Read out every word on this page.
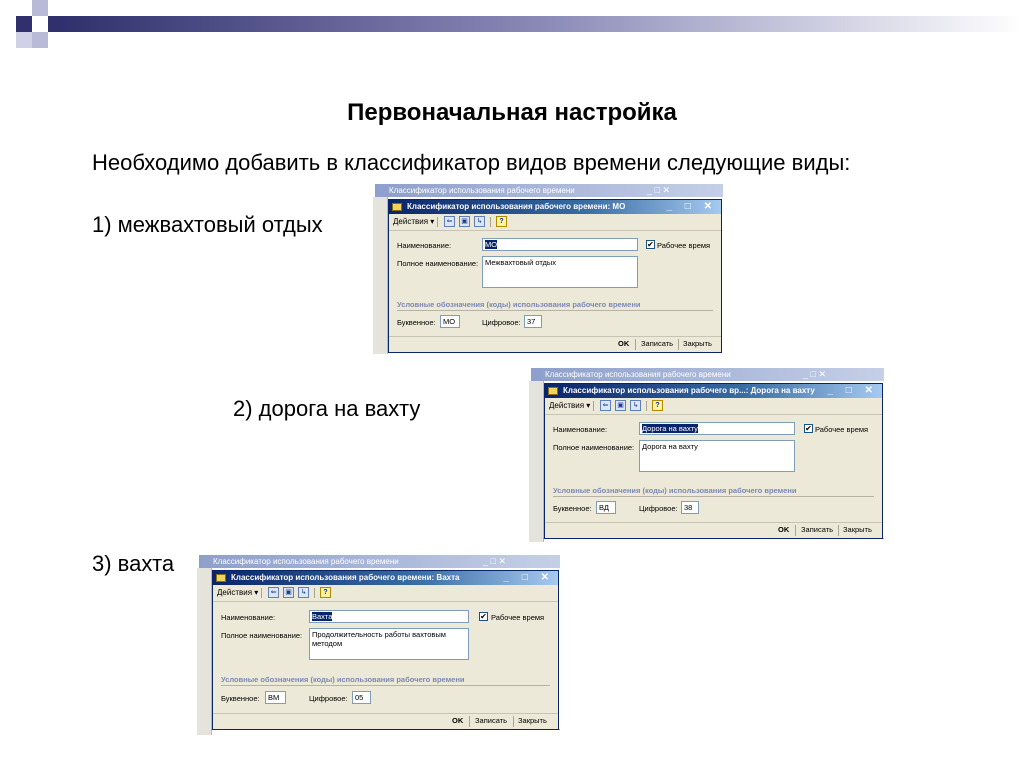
Первоначальная настройка
Необходимо добавить в классификатор видов времени следующие виды:
1) межвахтовый отдых
2) дорога на вахту
3) вахта
Классификатор использования рабочего времени	_ □ ✕
Классификатор использования рабочего времени: МО	_ □ ✕
Действия ▾	⇐	▣	↳	?
Наименование:	МО	✔ Рабочее время
Полное наименование: Межвахтовый отдых
Условные обозначения (коды) использования рабочего времени
Буквенное: МО	Цифровое: 37
OK Записать Закрыть
Классификатор использования рабочего времени	_ □ ✕
Классификатор использования рабочего вр...: Дорога на вахту _ □ ✕
Действия ▾	⇐	▣	↳	?
Наименование:	Дорога на вахту	✔ Рабочее время
Полное наименование:	Дорога на вахту
Условные обозначения (коды) использования рабочего времени
Буквенное: ВД	Цифровое: 38
OK Записать Закрыть
Классификатор использования рабочего времени	_ □ ✕
Классификатор использования рабочего времени: Вахта	_ □ ✕
Действия ▾	⇐	▣	↳	?
Наименование:	Вахта	✔ Рабочее время
Полное наименование:	Продолжительность работы вахтовым методом
Условные обозначения (коды) использования рабочего времени
Буквенное:	ВМ	Цифровое: 05
OK Записать Закрыть
